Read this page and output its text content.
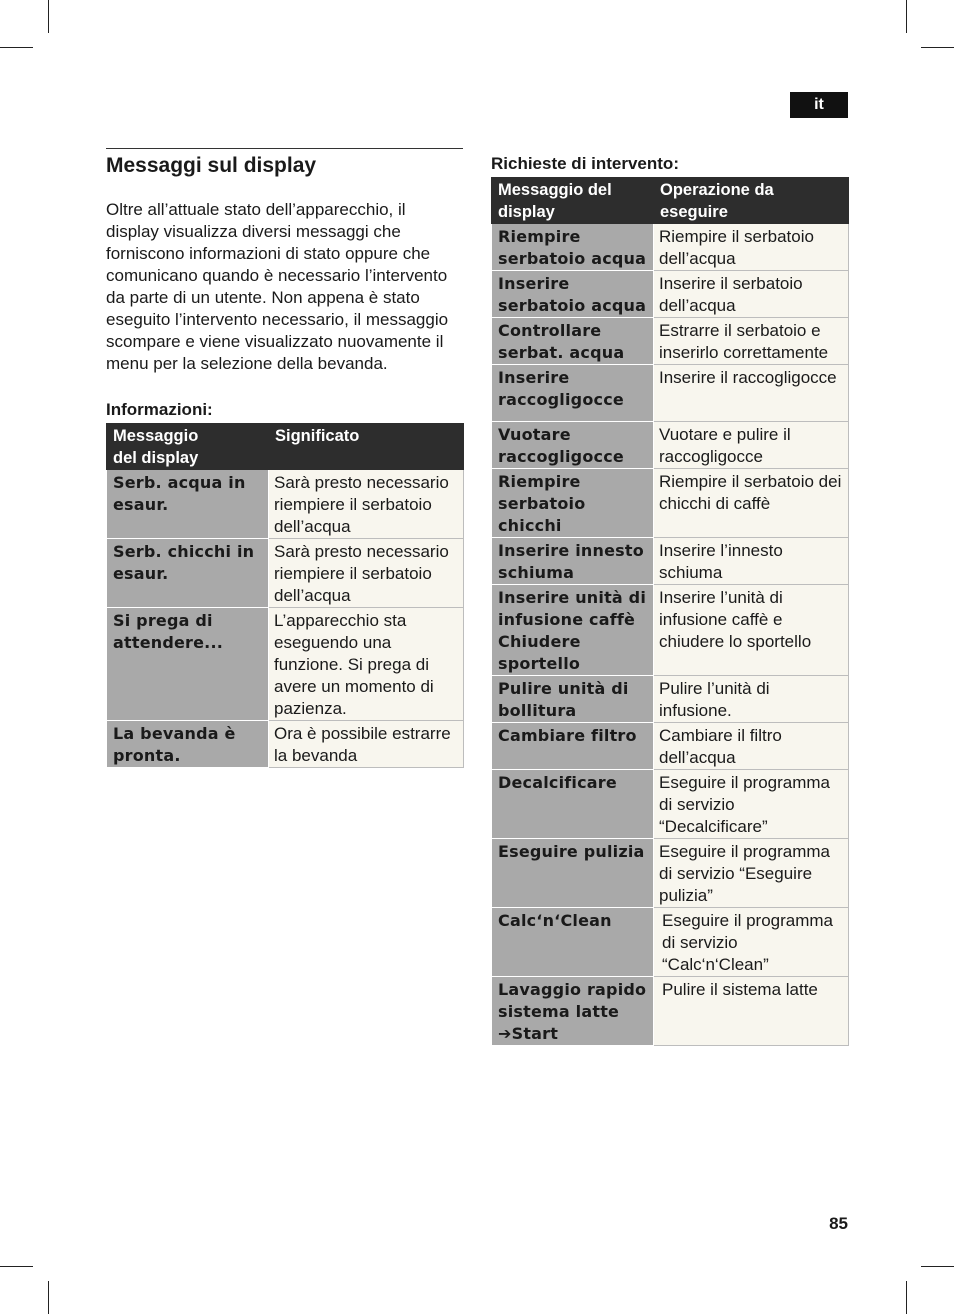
it
Messaggi sul display

Oltre all’attuale stato dell’apparecchio, il display visualizza diversi messaggi che forniscono informazioni di stato oppure che comunicano quando è necessario l’intervento da parte di un utente. Non appena è stato eseguito l’intervento necessario, il messaggio scompare e viene visualizzato nuovamente il menu per la selezione della bevanda.

Informazioni:
Messaggio
del display	Significato
Serb. acqua in esaur.	Sarà presto necessario riempiere il serbatoio dell’acqua
Serb. chicchi in esaur.	Sarà presto necessario riempiere il serbatoio dell’acqua
Si prega di attendere...	L’apparecchio sta eseguendo una funzione. Si prega di avere un momento di pazienza.
La bevanda è pronta.	Ora è possibile estrarre la bevanda
Richieste di intervento:
Messaggio del display	Operazione da eseguire
Riempire serbatoio acqua	Riempire il serbatoio dell’acqua
Inserire serbatoio acqua	Inserire il serbatoio dell’acqua
Controllare serbat. acqua	Estrarre il serbatoio e inserirlo correttamente
Inserire raccogligocce	Inserire il raccogligocce
Vuotare raccogligocce	Vuotare e pulire il raccogligocce
Riempire serbatoio chicchi	Riempire il serbatoio dei chicchi di caffè
Inserire innesto schiuma	Inserire l’innesto schiuma
Inserire unità di infusione caffè Chiudere sportello	Inserire l’unità di infusione caffè e chiudere lo sportello
Pulire unità di bollitura	Pulire l’unità di infusione.
Cambiare filtro	Cambiare il filtro dell’acqua
Decalcificare	Eseguire il programma di servizio “Decalcificare”
Eseguire pulizia	Eseguire il programma di servizio “Eseguire pulizia”
Calc‘n‘Clean	Eseguire il programma di servizio “Calc‘n‘Clean”
Lavaggio rapido sistema latte
➔Start	Pulire il sistema latte
85
